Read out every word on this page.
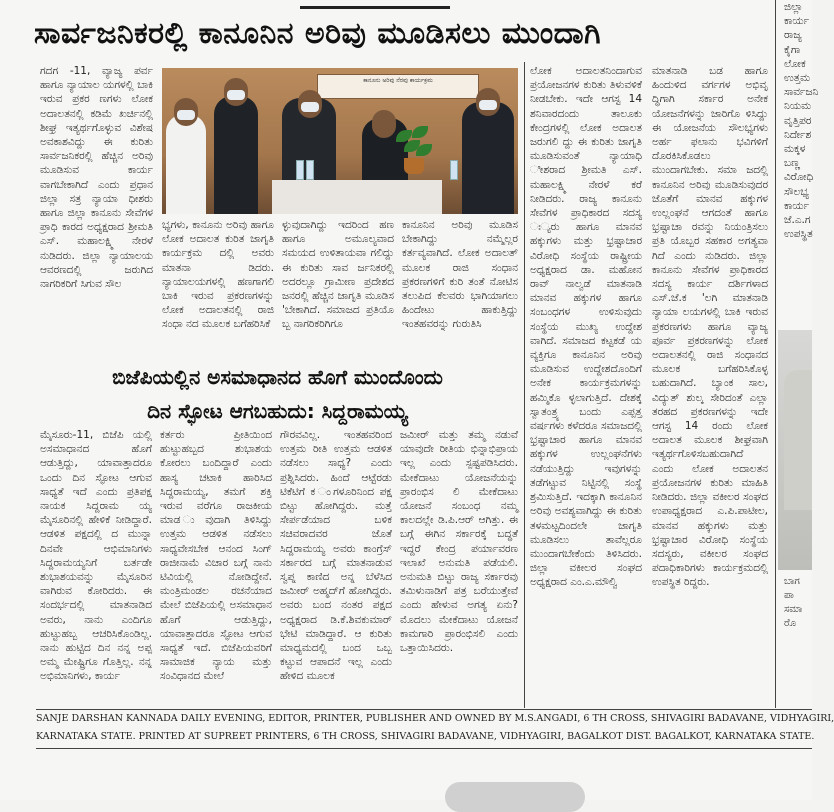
ಸಾರ್ವಜನಿಕರಲ್ಲಿ ಕಾನೂನಿನ ಅರಿವು ಮೂಡಿಸಲು ಮುಂದಾಗಿ

ಗದಗ -11, ವ್ಯಾಜ್ಯ ಪರ್ವ ಹಾಗೂ ನ್ಯಾಯಾಲ ಯಗಳಲ್ಲಿ ಬಾಕಿ ಇರುವ ಪ್ರಕರ ಣಗಳು ಲೋಕ ಅದಾಲತನಲ್ಲಿ ಕಡಿಮೆ ಖರ್ಚಿನಲ್ಲಿ ಶೀಘ್ರ ಇತ್ಯರ್ಥಗೊಳ್ಳುವ ವಿಶೇಷ ಅವಕಾಶವಿದ್ದು ಈ ಕುರಿತು ಸಾರ್ವಜನಿಕರಲ್ಲಿ ಹೆಚ್ಚಿನ ಅರಿವು ಮೂಡಿಸುವ ಕಾರ್ಯ ವಾಗಬೇಕಾಗಿದೆ ಎಂದು ಪ್ರಧಾನ ಜಿಲ್ಲಾ ಸತ್ರ ನ್ಯಾಯಾ ಧೀಶರು ಹಾಗೂ ಜಿಲ್ಲಾ ಕಾನೂನು ಸೇವೆಗಳ ಪ್ರಾಧಿ ಕಾರದ ಅಧ್ಯಕ್ಷರಾದ ಶ್ರೀಮತಿ ಎಸ್. ಮಹಾಲಕ್ಷ್ಮಿ ನೇರಳೆ ನುಡಿದರು. ಜಿಲ್ಲಾ ನ್ಯಾಯಾಲಯ ಆವರಣದಲ್ಲಿ ಜರುಗಿದ ನಾಗರಿಕರಿಗೆ ಸಿಗುವ ಸೌಲ

ಕಾನೂನು ಅರಿವು ನೆರವು ಕಾರ್ಯಕ್ರಮ

ಭ್ಯಗಳು, ಕಾನೂನು ಅರಿವು ಹಾಗೂ ಲೋಕ ಅದಾಲತ ಕುರಿತ ಜಾಗೃತಿ ಕಾರ್ಯಕ್ರಮ ದಲ್ಲಿ ಅವರು ಮಾತನಾ ಡಿದರು. ನ್ಯಾಯಾಲಯಗಳಲ್ಲಿ ಹಣಗಾಗಲಿ ಬಾಕಿ ಇರುವ ಪ್ರಕರಣಗಳನ್ನು ಲೋಕ ಅದಾಲತನಲ್ಲಿ ರಾಜಿ ಸಂಧಾ ನದ ಮೂಲಕ ಬಗೆಹರಿಸಿಕೆ

ಳ್ಳುವುದಾಗಿದ್ದು ಇದರಿಂದ ಹಣ ಹಾಗೂ ಅಮೂಲ್ಯವಾದ ಸಮಯದ ಉಳಿತಾಯವಾ ಗಲಿದ್ದು ಈ ಕುರಿತು ಸಾವ ರ್ಜನಿಕರಲ್ಲಿ ಅದರಲ್ಲೂ ಗ್ರಾಮೀಣ ಪ್ರದೇಶದ ಜನರಲ್ಲಿ ಹೆಚ್ಚಿನ ಜಾಗೃತಿ ಮೂಡಿಸ 'ಬೇಕಾಗಿದೆ. ಸಮಾಜದ ಪ್ರತಿಯೊ ಬ್ಬ ನಾಗರಿಕರಿಗಿಗೂ

ಕಾನೂನಿನ ಅರಿವು ಮೂಡಿಸ ಬೇಕಾಗಿದ್ದು ನಮ್ಮೆಲ್ಲರ ಕರ್ತವ್ಯವಾಗಿದೆ. ಲೋಕ ಅದಾಲತ್ ಮೂಲಕ ರಾಜಿ ಸಂಧಾನ ಪ್ರಕರಣಗಳಿಗೆ ಕುರಿ ತಂತೆ ನೋಟಿಸ ತಲುಪಿದ ಕೆಲವರು ಭಾಗಿಯಾಗಲು ಹಿಂದೇಟು ಹಾಕುತ್ತಿದ್ದು ಇಂತಹವರನ್ನು ಗುರುತಿಸಿ

ಲೋಕ ಅದಾಲತನಿಂದಾಗುವ ಪ್ರಯೋಜನಗಳ ಕುರಿತು ತಿಳುವಳಿಕೆ ನೀಡಬೇಕು. ಇದೇ ಆಗಸ್ಟ 14 ಶನಿವಾರದಂದು ತಾಲೂಕು ಕೇಂದ್ರಗಳಲ್ಲಿ ಲೋಕ ಅದಾಲತ ಜರುಗಲಿ ದ್ದು ಈ ಕುರಿತು ಜಾಗೃತಿ ಮೂಡಿಸುವಂತೆ ನ್ಯಾಯಾಧಿ ೀಶರಾದ ಶ್ರೀಮತಿ ಎಸ್. ಮಹಾಲಕ್ಷ್ಮಿ ನೇರಳೆ ಕರೆ ನೀಡಿದರು. ರಾಜ್ಯ ಕಾನೂನು ಸೇವೆಗಳ ಪ್ರಾಧಿಕಾರದ ಸದಸ್ಯ ಃ್ಯರು ಹಾಗೂ ಮಾನವ ಹಕ್ಕುಗಳು ಮತ್ತು ಭ್ರಷ್ಟಾಚಾರ ವಿರೋಧಿ ಸಂಸ್ಥೆಯ ರಾಷ್ಟ್ರೀಯ ಅಧ್ಯಕ್ಷರಾದ ಡಾ. ಮಹೋನ ರಾವ್ ನಾಲ್ವಡೆ ಮಾತನಾಡಿ ಮಾನವ ಹಕ್ಕುಗಳ ಹಾಗೂ ಸಂಬಂಧಗಳ ಉಳಿಸುವುದು ಸಂಸ್ಥೆಯ ಮುಖ್ಯ ಉದ್ದೇಶ ವಾಗಿದೆ. ಸಮಾಜದ ಕಟ್ಟಕಡೆ ಯ ವ್ಯಕ್ತಿಗೂ ಕಾನೂನಿನ ಅರಿವು ಮೂಡಿಸುವ ಉದ್ದೇಶದೊಂದಿಗೆ ಅನೇಕ ಕಾರ್ಯಕ್ರಮಗಳನ್ನು ಹಮ್ಮಿಕೊ ಳ್ಳಲಾಗುತ್ತಿದೆ. ದೇಶಕ್ಕೆ ಸ್ವಾತಂತ್ರ್ಯ ಬಂದು ಎಪ್ಪತ್ತ ವರ್ಷಗಳು ಕಳೆದರೂ ಸಮಾಜದಲ್ಲಿ ಭ್ರಷ್ಟಾಚಾರ ಹಾಗೂ ಮಾನವ ಹಕ್ಕುಗಳ ಉಲ್ಲಂಘನೆಗಳು ನಡೆಯುತ್ತಿದ್ದು ಇವುಗಳನ್ನು ತಡೆಗಟ್ಟುವ ನಿಟ್ಟಿನಲ್ಲಿ ಸಂಸ್ಥೆ ಶ್ರಮಿಸುತ್ತಿದೆ. ಇದಕ್ಕಾಗಿ ಕಾನೂನಿನ ಅರಿವು ಅವಶ್ಯವಾಗಿದ್ದು ಈ ಕುರಿತು ತಳಮಟ್ಟದಿಂದಲೇ ಜಾಗೃತಿ ಮೂಡಿಸಲು ತಾವೆಲ್ಲರೂ ಮುಂದಾಗಬೇಕೆಂದು ತಿಳಿಸಿದರು. ಜಿಲ್ಲಾ ವಕೀಲರ ಸಂಘದ ಅಧ್ಯಕ್ಷರಾದ ಎಂ.ಎ.ಮೌಲ್ವಿ

ಮಾತನಾಡಿ ಬಡ ಹಾಗೂ ಹಿಂದುಳಿದ ವರ್ಗಗಳ ಅಭಿವೃ ದ್ಧಿಗಾಗಿ ಸರ್ಕಾರ ಅನೇಕ ಯೋಜನೆಗಳನ್ನು ಜಾರಿಗೊ ಳಿಸಿದ್ದು ಈ ಯೋಜನೆಯ ಸೌಲಭ್ಯಗಳು ಅರ್ಹ ಫಲಾನು ಭವಿಗಳಿಗೆ ದೊರಕಿಸಿಕೊಡಲು ಮುಂದಾಗಬೇಕು. ಸಮಾ ಜದಲ್ಲಿ ಕಾನೂನಿನ ಅರಿವು ಮೂಡಿಸುವುದರ ಜೊತೆಗೆ ಮಾನವ ಹಕ್ಕುಗಳ ಉಲ್ಲಂಘನೆ ಆಗದಂತೆ ಹಾಗೂ ಭ್ರಷ್ಟಾಚಾ ರವನ್ನು ನಿಯಂತ್ರಿಸಲು ಪ್ರತಿ ಯೊಬ್ಬರ ಸಹಕಾರ ಅಗತ್ಯವಾ ಗಿದೆ ಎಂದು ನುಡಿದರು. ಜಿಲ್ಲಾ ಕಾನೂನು ಸೇವೆಗಳ ಪ್ರಾಧಿಕಾರದ ಸದಸ್ಯ ಕಾರ್ಯ ದರ್ಶಿಗಳಾದ ಎಸ್.ಜೆ.ಕ 'ಲಗಿ ಮಾತನಾಡಿ ನ್ಯಾಯಾ ಲಯಗಳಲ್ಲಿ ಬಾಕಿ ಇರುವ ಪ್ರಕರಣಗಳು ಹಾಗೂ ವ್ಯಾಜ್ಯ ಪೂರ್ವ ಪ್ರಕರಣಗಳನ್ನು ಲೋಕ ಅದಾಲತನಲ್ಲಿ ರಾಜಿ ಸಂಧಾನದ ಮೂಲಕ ಬಗೆಹರಿಸಿಕೊಳ್ಳ ಬಹುದಾಗಿದೆ. ಬ್ಯಾಂಕ ಸಾಲ, ವಿದ್ಯುತ್ ಶುಲ್ಕ ಸೇರಿದಂತೆ ಎಲ್ಲಾ ತರಹದ ಪ್ರಕರಣಗಳನ್ನು ಇದೇ ಆಗಸ್ಟ 14 ರಂದು ಲೋಕ ಅದಾಲತ ಮೂಲಕ ಶೀಘ್ರವಾಗಿ ಇತ್ಯರ್ಥಗೊಳಿಸಬಹುದಾಗಿದೆ ಎಂದು ಲೋಕ ಅದಾಲತನ ಪ್ರಯೋಜನಗಳ ಕುರಿತು ಮಾಹಿತಿ ನೀಡಿದರು. ಜಿಲ್ಲಾ ವಕೀಲರ ಸಂಘದ ಉಪಾಧ್ಯಕ್ಷರಾದ ಎ.ಪಿ.ಪಾಟೀಲ, ಮಾನವ ಹಕ್ಕುಗಳು ಮತ್ತು ಭ್ರಷ್ಟಾಚಾರ ವಿರೋಧಿ ಸಂಸ್ಥೆಯ ಸದಸ್ಯರು, ವಕೀಲರ ಸಂಘದ ಪದಾಧಿಕಾರಿಗಳು ಕಾರ್ಯಕ್ರಮದಲ್ಲಿ ಉಪಸ್ಥಿತ ರಿದ್ದರು.

ಜಿಲ್ಲಾ ಕಾರ್ಯ ರಾಜ್ಯ ಕೈಗಾ ಲೋಕ ಉತ್ತಮ ಸಾರ್ವಜನಿ ನಿಯಮ ವೃತ್ತಿಪರ ನಿರ್ದೇಶ ಮಕ್ಕಳ ಬಣ್ಣ ವಿರೋಧಿ ಸೌಲಭ್ಯ ಕಾರ್ಯ ಜೆ.ಎ.ಗ ಉಪಸ್ಥಿತ

ಬಾಗ ಪಾ ಸಮಾ ರೊ
ಬಿಜೆಪಿಯಲ್ಲಿನ ಅಸಮಾಧಾನದ ಹೊಗೆ ಮುಂದೊಂದು
ದಿನ ಸ್ಫೋಟ ಆಗಬಹುದು: ಸಿದ್ದರಾಮಯ್ಯ

ಮೈಸೂರು-11, ಬಿಜೆಪಿ ಯಲ್ಲಿ ಅಸಮಾಧಾನದ ಹೊಗೆ ಆಡುತ್ತಿದ್ದು, ಯಾವಾತ್ತಾದರೂ ಒಂದು ದಿನ ಸ್ಫೋಟ ಆಗುವ ಸಾಧ್ಯತೆ ಇದೆ ಎಂದು ಪ್ರತಿಪಕ್ಷ ನಾಯಕ ಸಿದ್ದರಾಮ ಯ್ಯ ಮೈಸೂರಿನಲ್ಲಿ ಹೇಳಿಕೆ ನೀಡಿದ್ದಾರೆ. ಆಡಳಿತ ಪಕ್ಷದಲ್ಲಿ ದ ಮುನ್ನಾ ದಿನವೇ ಆಭಿಮಾನಿಗಳು ಸಿದ್ದರಾಮಯ್ಯನಿಗೆ ಬರ್ತಡೇ ಶುಭಾಶಯವನ್ನು ಮೈಸೂರಿನ ವಾಗಿರುವ ಕೋರಿದರು. ಈ ಸಂದರ್ಭದಲ್ಲಿ ಮಾತನಾಡಿದ ಅವರು, ನಾನು ಎಂದಿಗೂ ಹುಟ್ಟುಹಬ್ಬ ಆಚರಿಸಿಕೊಂಡಿಲ್ಲ. ನಾನು ಹುಟ್ಟಿದ ದಿನ ನನ್ನ ಅಪ್ಪ ಅಮ್ಮ ಮೇಷ್ಟ್ರಿಗೂ ಗೊತ್ತಿಲ್ಲ. ನನ್ನ ಅಭಿಮಾನಿಗಳು, ಕಾರ್ಯ

ಕರ್ತರು ಪ್ರೀತಿಯಿಂದ ಹುಟ್ಟುಹಬ್ಬದ ಶುಭಾಶಯ ಕೋರಲು ಬಂದಿದ್ದಾರೆ ಎಂದು ಹಾಸ್ಯ ಚಟಾಕಿ ಹಾರಿಸಿದ ಸಿದ್ದರಾಮಯ್ಯ, ತಮಗೆ ಶಕ್ತಿ ಇರುವ ವರೆಗೂ ರಾಜಕೀಯ ಮಾಡ ುವುದಾಗಿ ತಿಳಿಸಿದ್ದು ಉತ್ತಮ ಆಡಳಿತ ನಡೆಸಲು ಸಾಧ್ಯವೇಸಬೇಕ ಆನಂದ ಸಿಂಗ್ ರಾಜೀನಾಮೆ ವಿಚಾರ ಬಗ್ಗೆ ನಾನು ಟಿವಿಯಲ್ಲಿ ನೋಡಿದ್ದೇನೆ. ಮಂತ್ರಿಮಂಡಲ ರಚನೆಯಾದ ಮೇಲೆ ಬಿಜೆಪಿಯಲ್ಲಿ ಅಸಮಾಧಾನ ಹೊಗೆ ಆಡುತ್ತಿದ್ದು, ಯಾವಾತ್ತಾದರೂ ಸ್ಫೋಟ ಆಗುವ ಸಾಧ್ಯತೆ ಇದೆ. ಬಿಜೆಪಿಯವರಿಗೆ ಸಾಮಾಜಿಕ ನ್ಯಾಯ ಮತ್ತು ಸಂವಿಧಾನದ ಮೇಲೆ

ಗೌರವವಿಲ್ಲ. ಇಂತಹವರಿಂದ ಉತ್ತಮ ರೀತಿ ಉತ್ತಮ ಆಡಳಿತ ನಡೆಸಲು ಸಾಧ್ಯ? ಎಂದು ಪ್ರಶ್ನಿಸಿದರು. ಹಿಂದೆ ಆಟ್ಟೆರಡು ಟಿಕೆಟಿಗೆ ಕ ಂಗಳೂರಿನಿಂದ ಪಕ್ಷ ಬಿಟ್ಟು ಹೋಗಿದ್ದರು. ಮತ್ತೆ ಸೇರ್ಪಡೆಯಾದ ಬಳಿಕ ಸಚಿವರಾದವರ ಜೊತೆ ಸಿದ್ದರಾಮಯ್ಯ ಅವರು ಕಾಂಗ್ರೆಸ್ ಸರ್ಕಾರದ ಬಗ್ಗೆ ಮಾತನಾಡುವ ಸ್ವಪ್ನ ಕಾಣಿದ ಅನ್ನ ಬೆಳೆಸಿದ ಜಮೀರ್ ಅಹ್ಮದ್‌ಗೆ ಹೋಗಿದ್ದರು. ಅವರು ಬಂದ ನಂತರ ಪಕ್ಷದ ಅಧ್ಯಕ್ಷರಾದ ಡಿ.ಕೆ.ಶಿವಕುಮಾರ್ ಭೇಟಿ ಮಾಡಿದ್ದಾರೆ. ಆ ಕುರಿತು ಮಾಧ್ಯಮದಲ್ಲಿ ಬಂದ ಒಬ್ಬ ಕಟ್ಟುವ ಆಪಾದನೆ ಇಲ್ಲ ಎಂದು ಹೇಳಿದ ಮೂಲಕ

ಜಮೀರ್ ಮತ್ತು ತಮ್ಮ ನಡುವೆ ಯಾವುದೇ ರೀತಿಯ ಭಿನ್ನಾಭಿಪ್ರಾಯ ಇಲ್ಲ ಎಂದು ಸ್ಪಷ್ಟಪಡಿಸಿದರು. ಮೇಕೆದಾಟು ಯೋಜನೆಯನ್ನು ಪ್ರಾರಂಭಿಸ ಲಿ ಮೇಕೆದಾಟು ಯೋಜನೆ ಸಂಬಂಧ ನಮ್ಮ ಕಾಲದಲ್ಲೇ ಡಿ.ಪಿ.ಆರ್ ಆಗಿತ್ತು. ಈ ಬಗ್ಗೆ ಈಗಿನ ಸರ್ಕಾರಕ್ಕೆ ಬದ್ಧತೆ ಇದ್ದರೆ ಕೇಂದ್ರ ಪರ್ಯಾವರಣ ಇಲಾಖೆ ಅನುಮತಿ ಪಡೆಯಲಿ. ಅನುಮತಿ ಬಿಟ್ಟು ರಾಜ್ಯ ಸರ್ಕಾರವು ತಮಿಳುನಾಡಿಗೆ ಪತ್ರ ಬರೆಯುತ್ತೇವೆ ಎಂದು ಹೇಳುವ ಅಗತ್ಯ ಏನು? ಮೊದಲು ಮೇಕೆದಾಟು ಯೋಜನೆ ಕಾಮಗಾರಿ ಪ್ರಾರಂಭಿಸಲಿ ಎಂದು ಒತ್ತಾಯಿಸಿದರು.

SANJE DARSHAN KANNADA DAILY EVENING, EDITOR, PRINTER, PUBLISHER AND OWNED BY M.S.ANGADI, 6 TH CROSS, SHIVAGIRI BADAVANE, VIDHYAGIRI,
KARNATAKA STATE. PRINTED AT SUPREET PRINTERS, 6 TH CROSS, SHIVAGIRI BADAVANE, VIDHYAGIRI, BAGALKOT DIST. BAGALKOT, KARNATAKA STATE.
